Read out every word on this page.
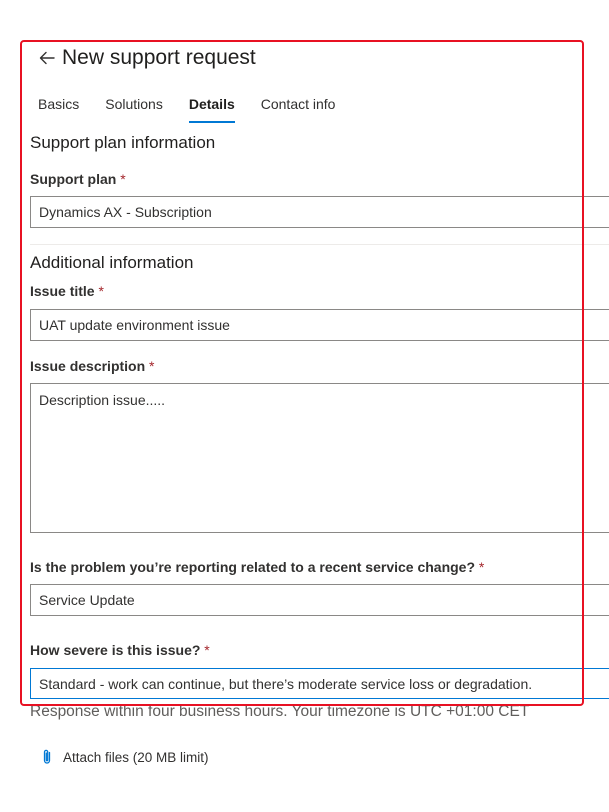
New support request
Basics Solutions Details Contact info
Support plan information
Support plan *
Dynamics AX - Subscription
Additional information
Issue title *
UAT update environment issue
Issue description *
Description issue.....
Is the problem you’re reporting related to a recent service change? *
Service Update
How severe is this issue? *
Standard - work can continue, but there’s moderate service loss or degradation.
Response within four business hours. Your timezone is UTC +01:00 CET
Attach files (20 MB limit)
